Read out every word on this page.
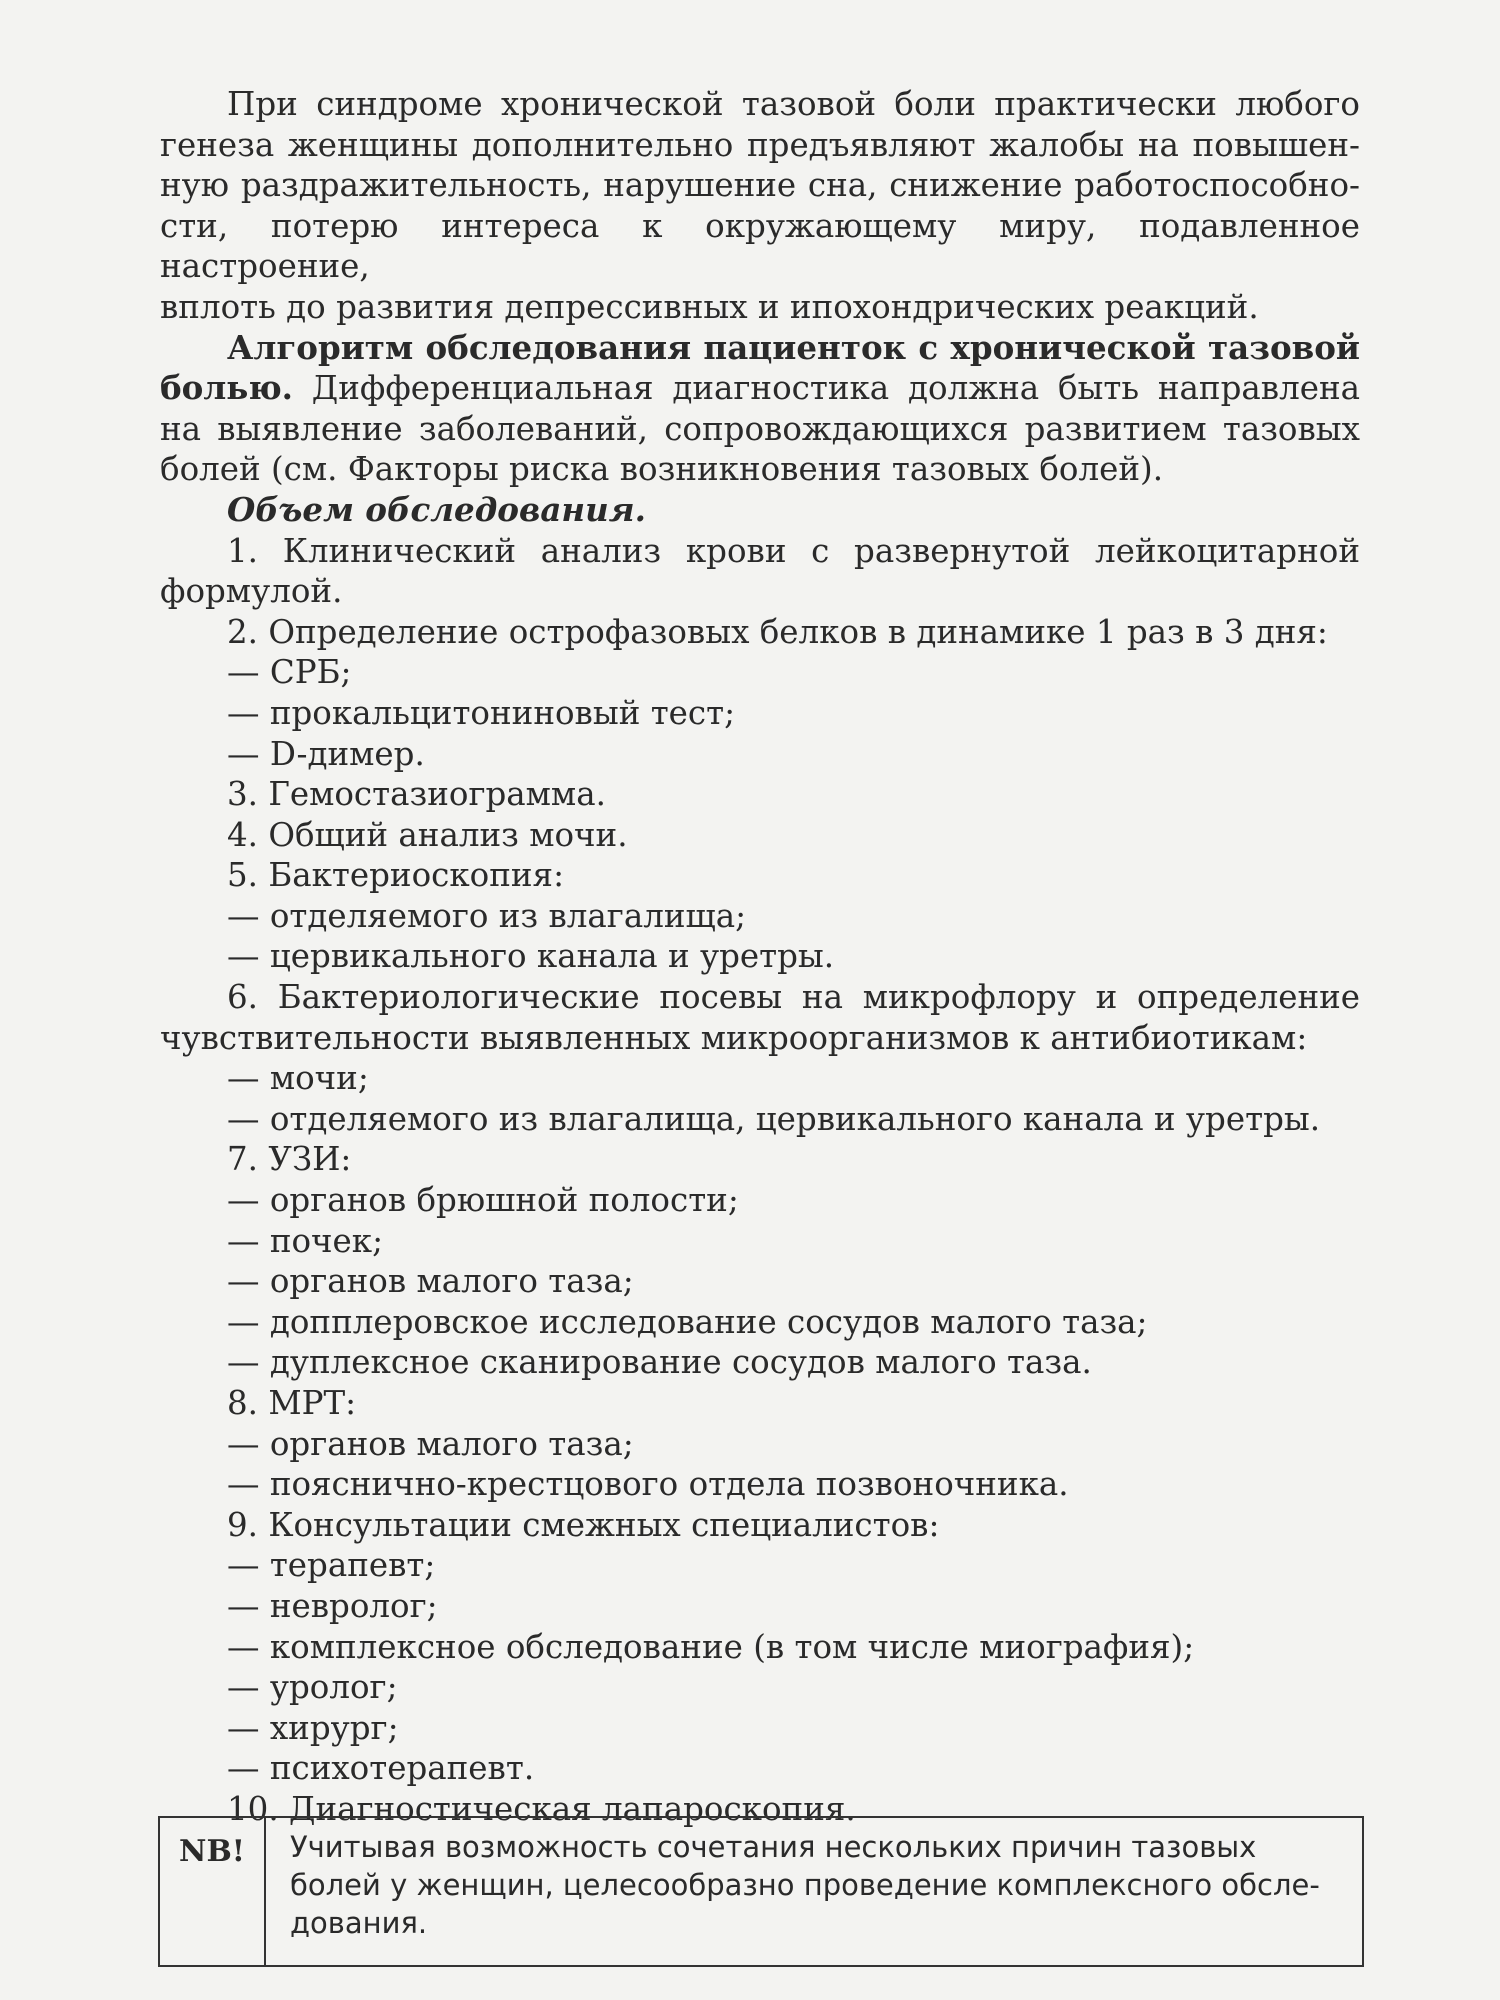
При синдроме хронической тазовой боли практически любого
генеза женщины дополнительно предъявляют жалобы на повышен-
ную раздражительность, нарушение сна, снижение работоспособно-
сти, потерю интереса к окружающему миру, подавленное настроение,
вплоть до развития депрессивных и ипохондрических реакций.

Алгоритм обследования пациенток с хронической тазовой болью. Дифференциальная диагностика должна быть направлена на выявление заболеваний, сопровождающихся развитием тазовых болей (см. Факторы риска возникновения тазовых болей).

Объем обследования.

1. Клинический анализ крови с развернутой лейкоцитарной формулой.

2. Определение острофазовых белков в динамике 1 раз в 3 дня:

— СРБ;
— прокальцитониновый тест;
— D-димер.

3. Гемостазиограмма.

4. Общий анализ мочи.

5. Бактериоскопия:

— отделяемого из влагалища;
— цервикального канала и уретры.

6. Бактериологические посевы на микрофлору и определение чувствительности выявленных микроорганизмов к антибиотикам:

— мочи;
— отделяемого из влагалища, цервикального канала и уретры.

7. УЗИ:

— органов брюшной полости;
— почек;
— органов малого таза;
— допплеровское исследование сосудов малого таза;
— дуплексное сканирование сосудов малого таза.

8. МРТ:

— органов малого таза;
— пояснично-крестцового отдела позвоночника.

9. Консультации смежных специалистов:

— терапевт;
— невролог;
— комплексное обследование (в том числе миография);
— уролог;
— хирург;
— психотерапевт.

10. Диагностическая лапароскопия.

NB!	Учитывая возможность сочетания нескольких причин тазовых болей у женщин, целесообразно проведение комплексного обсле-дования.
